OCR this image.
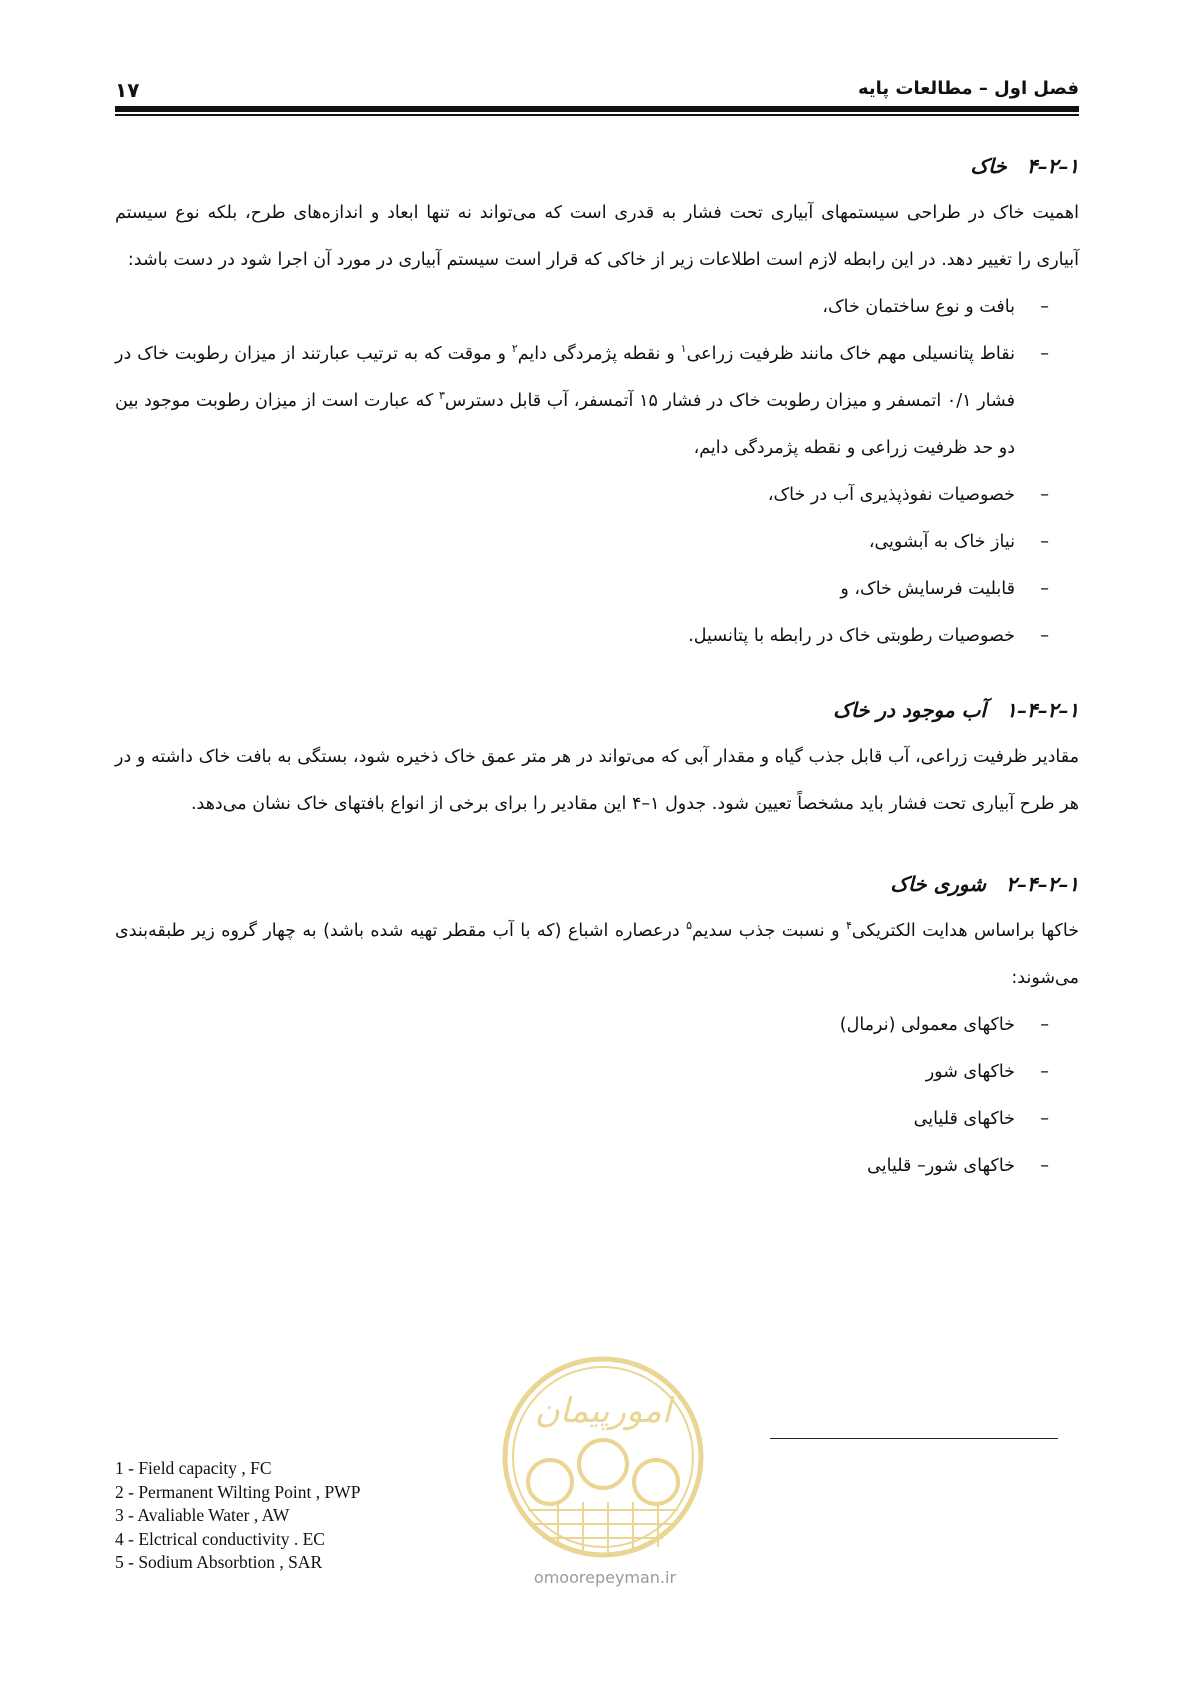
۱۷	فصل اول – مطالعات پایه
۱–۲–۴خاک

اهمیت خاک در طراحی سیستمهای آبیاری تحت فشار به قدری است که می‌تواند نه تنها ابعاد و اندازه‌های طرح، بلکه نوع سیستم آبیاری را تغییر دهد. در این رابطه لازم است اطلاعات زیر از خاکی که قرار است سیستم آبیاری در مورد آن اجرا شود در دست باشد:

–
بافت و نوع ساختمان خاک،
–
نقاط پتانسیلی مهم خاک مانند ظرفیت زراعی$^۱$ و نقطه پژمردگی دایم$^۲$ و موقت که به ترتیب عبارتند از میزان رطوبت خاک در فشار ۰/۱ اتمسفر و میزان رطوبت خاک در فشار ۱۵ آتمسفر، آب قابل دسترس$^۳$ که عبارت است از میزان رطوبت موجود بین دو حد ظرفیت زراعی و نقطه پژمردگی دایم،
–
خصوصیات نفوذپذیری آب در خاک،
–
نیاز خاک به آبشویی،
–
قابلیت فرسایش خاک، و
–
خصوصیات رطوبتی خاک در رابطه با پتانسیل.
۱–۲–۴–۱آب موجود در خاک

مقادیر ظرفیت زراعی، آب قابل جذب گیاه و مقدار آبی که می‌تواند در هر متر عمق خاک ذخیره شود، بستگی به بافت خاک داشته و در هر طرح آبیاری تحت فشار باید مشخصاً تعیین شود. جدول ۱–۴ این مقادیر را برای برخی از انواع بافتهای خاک نشان می‌دهد.

۱–۲–۴–۲شوری خاک

خاکها براساس هدایت الکتریکی$^۴$ و نسبت جذب سدیم$^۵$ درعصاره اشباع (که با آب مقطر تهیه شده باشد) به چهار گروه زیر طبقه‌بندی می‌شوند:

–
خاکهای معمولی (نرمال)
–
خاکهای شور
–
خاکهای قلیایی
–
خاکهای شور– قلیایی
امورپیمان
omoorepeyman.ir
1 - Field capacity , FC
2 - Permanent Wilting Point , PWP
3 - Avaliable Water , AW
4 - Elctrical conductivity . EC
5 - Sodium Absorbtion , SAR
